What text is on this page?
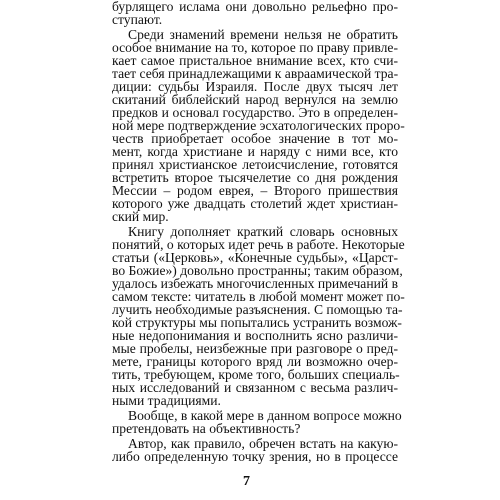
бурлящего ислама они довольно рельефно про-
ступают.
Среди знамений времени нельзя не обратить
особое внимание на то, которое по праву привле-
кает самое пристальное внимание всех, кто счи-
тает себя принадлежащими к авраамической тра-
диции: судьбы Израиля. После двух тысяч лет
скитаний библейский народ вернулся на землю
предков и основал государство. Это в определен-
ной мере подтверждение эсхатологических проро-
честв приобретает особое значение в тот мо-
мент, когда христиане и наряду с ними все, кто
принял христианское летоисчисление, готовятся
встретить второе тысячелетие со дня рождения
Мессии – родом еврея, – Второго пришествия
которого уже двадцать столетий ждет христиан-
ский мир.
Книгу дополняет краткий словарь основных
понятий, о которых идет речь в работе. Некоторые
статьи («Церковь», «Конечные судьбы», «Царст-
во Божие») довольно пространны; таким образом,
удалось избежать многочисленных примечаний в
самом тексте: читатель в любой момент может по-
лучить необходимые разъяснения. С помощью та-
кой структуры мы попытались устранить возмож-
ные недопонимания и восполнить ясно различи-
мые пробелы, неизбежные при разговоре о пред-
мете, границы которого вряд ли возможно очер-
тить, требующем, кроме того, больших специаль-
ных исследований и связанном с весьма различ-
ными традициями.
Вообще, в какой мере в данном вопросе можно
претендовать на объективность?
Автор, как правило, обречен встать на какую-
либо определенную точку зрения, но в процессе
7
